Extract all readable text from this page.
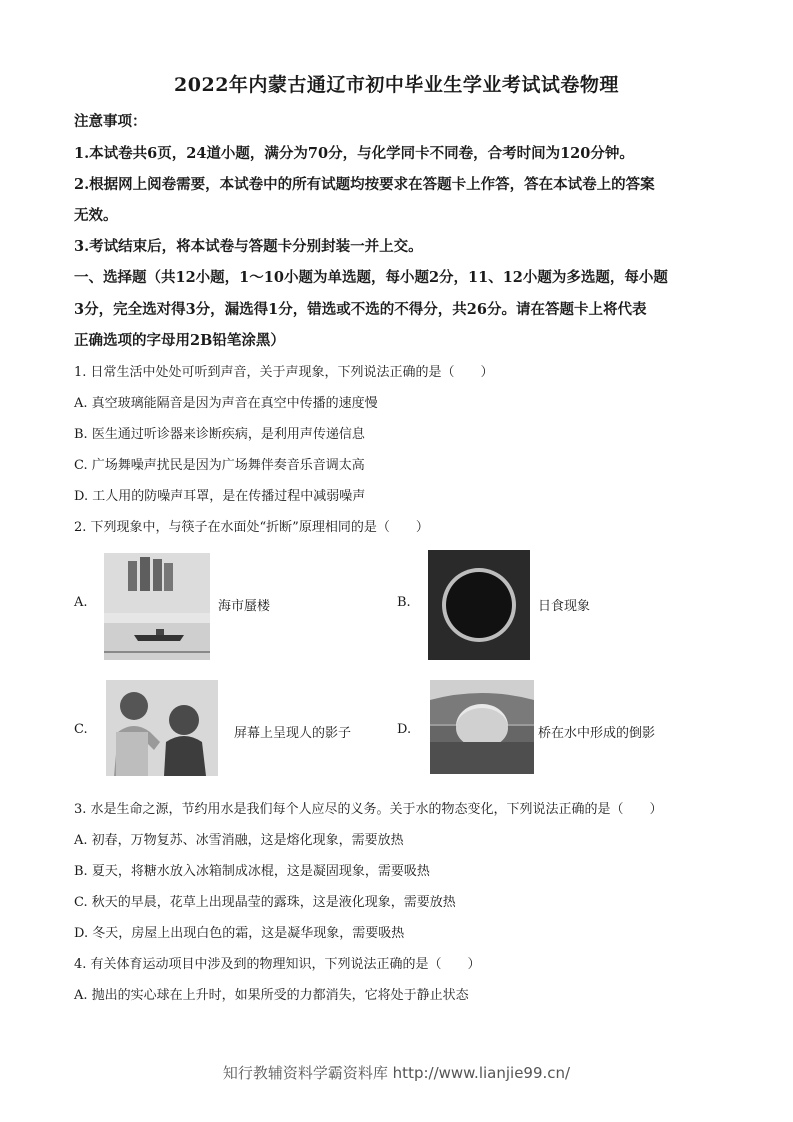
2022年内蒙古通辽市初中毕业生学业考试试卷物理
注意事项：
1.本试卷共6页，24道小题，满分为70分，与化学同卡不同卷，合考时间为120分钟。
2.根据网上阅卷需要，本试卷中的所有试题均按要求在答题卡上作答，答在本试卷上的答案
无效。
3.考试结束后，将本试卷与答题卡分别封装一并上交。
一、选择题（共12小题，1～10小题为单选题，每小题2分，11、12小题为多选题，每小题
3分，完全选对得3分，漏选得1分，错选或不选的不得分，共26分。请在答题卡上将代表
正确选项的字母用2B铅笔涂黑）
1. 日常生活中处处可听到声音，关于声现象，下列说法正确的是（　　）
A. 真空玻璃能隔音是因为声音在真空中传播的速度慢
B. 医生通过听诊器来诊断疾病，是利用声传递信息
C. 广场舞噪声扰民是因为广场舞伴奏音乐音调太高
D. 工人用的防噪声耳罩，是在传播过程中减弱噪声
2. 下列现象中，与筷子在水面处“折断”原理相同的是（　　）
A.	海市蜃楼	B.	日食现象
C.	屏幕上呈现人的影子	D.	桥在水中形成的倒影
3. 水是生命之源，节约用水是我们每个人应尽的义务。关于水的物态变化，下列说法正确的是（　　）
A. 初春，万物复苏、冰雪消融，这是熔化现象，需要放热
B. 夏天，将糖水放入冰箱制成冰棍，这是凝固现象，需要吸热
C. 秋天的早晨，花草上出现晶莹的露珠，这是液化现象，需要放热
D. 冬天，房屋上出现白色的霜，这是凝华现象，需要吸热
4. 有关体育运动项目中涉及到的物理知识，下列说法正确的是（　　）
A. 抛出的实心球在上升时，如果所受的力都消失，它将处于静止状态
知行教辅资料学霸资料库 http://www.lianjie99.cn/
